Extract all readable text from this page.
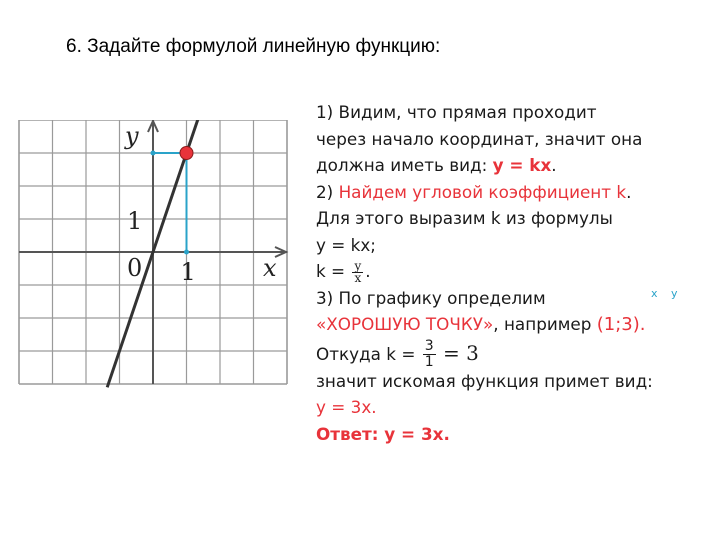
6. Задайте формулой линейную функцию:
y
x
0
1
1
1) Видим, что прямая проходит
через начало координат, значит она
должна иметь вид: у = kx.
2) Найдем угловой коэффициент k.
Для этого выразим k из формулы
y = kx;
$k = \frac{y}{x}$ .
3) По графику определим	x y
«ХОРОШУЮ ТОЧКУ», например (1;3).
Откуда $k = \frac{3}{1} = 3$
значит искомая функция примет вид:
y = 3x.
Ответ: у = 3х.
